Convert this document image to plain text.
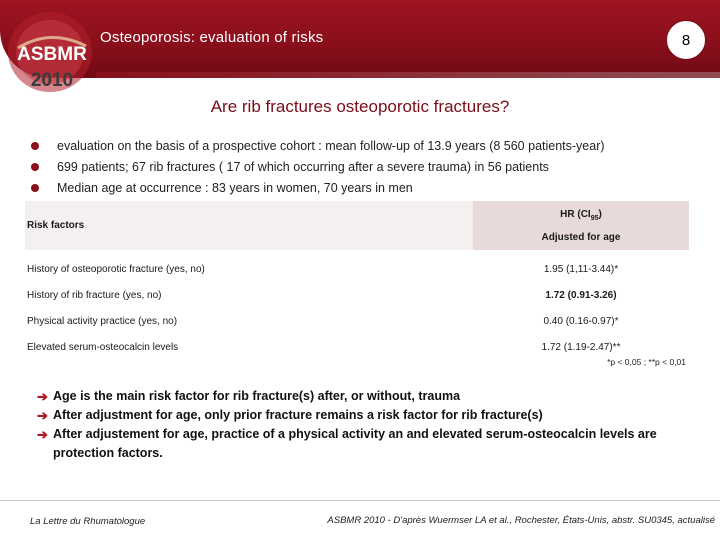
ASBMR
2010
Osteoporosis: evaluation of risks	8
Are rib fractures osteoporotic fractures?
evaluation on the basis of a prospective cohort : mean follow-up of 13.9 years (8 560 patients-year)
699 patients; 67 rib fractures ( 17 of which occurring after a severe trauma) in 56 patients
Median age at occurrence : 83 years in women, 70 years in men
Risk factors	HR $(CI_{95})$
Adjusted for age

History of osteoporotic fracture (yes, no)	1.95 (1,11-3.44)*
History of rib fracture (yes, no)	1.72 (0.91-3.26)
Physical activity practice (yes, no)	0.40 (0.16-0.97)*
Elevated serum-osteocalcin levels	1.72 (1.19-2.47)**
*p < 0,05 ; **p < 0,01
➔ Age is the main risk factor for rib fracture(s) after, or without, trauma
➔ After adjustment for age, only prior fracture remains a risk factor for rib fracture(s)
➔ After adjustement for age, practice of a physical activity an and elevated serum-osteocalcin levels are protection factors.
La Lettre du Rhumatologue	ASBMR 2010 - D'après Wuermser LA et al., Rochester, États-Unis, abstr. SU0345, actualisé
